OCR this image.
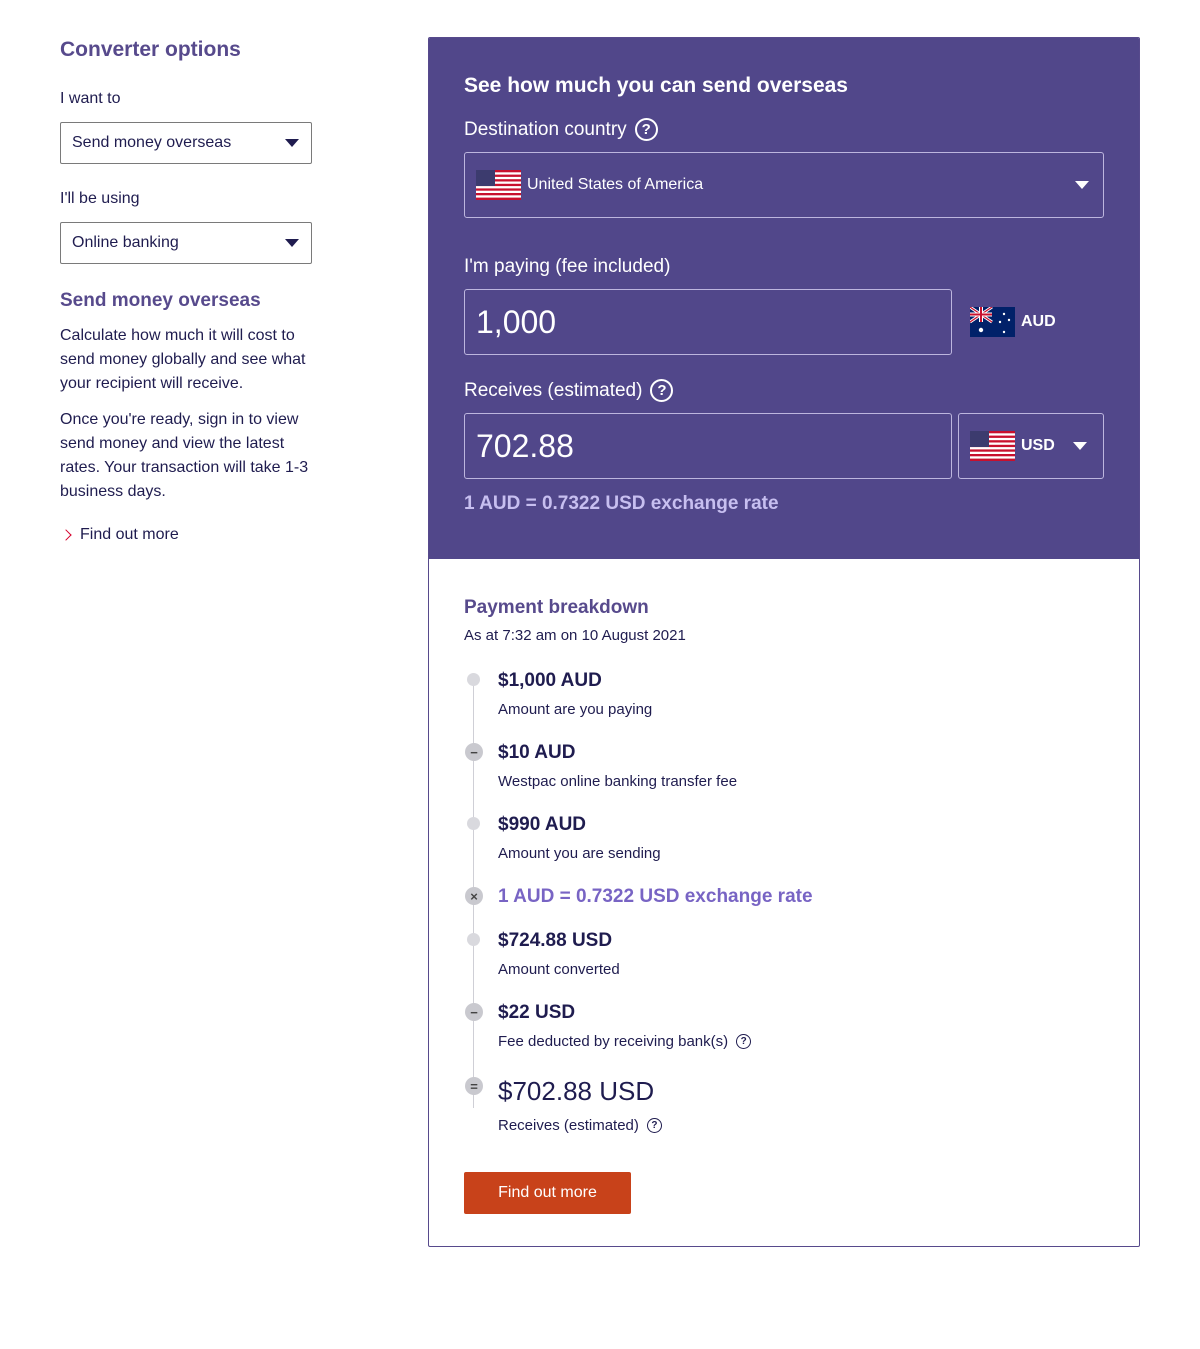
Converter options
I want to
Send money overseas
I'll be using
Online banking
Send money overseas

Calculate how much it will cost to send money globally and see what your recipient will receive.

Once you're ready, sign in to view send money and view the latest rates. Your transaction will take 1-3 business days.

Find out more
See how much you can send overseas
Destination country ?
United States of America
I'm paying (fee included)
1,000
AUD
Receives (estimated) ?
702.88
USD
1 AUD = 0.7322 USD exchange rate
Payment breakdown
As at 7:32 am on 10 August 2021
$1,000 AUD
Amount are you paying
− $10 AUD
Westpac online banking transfer fee
$990 AUD
Amount you are sending
× 1 AUD = 0.7322 USD exchange rate
$724.88 USD
Amount converted
− $22 USD
Fee deducted by receiving bank(s)	?
= $702.88 USD
Receives (estimated)	?
Find out more
